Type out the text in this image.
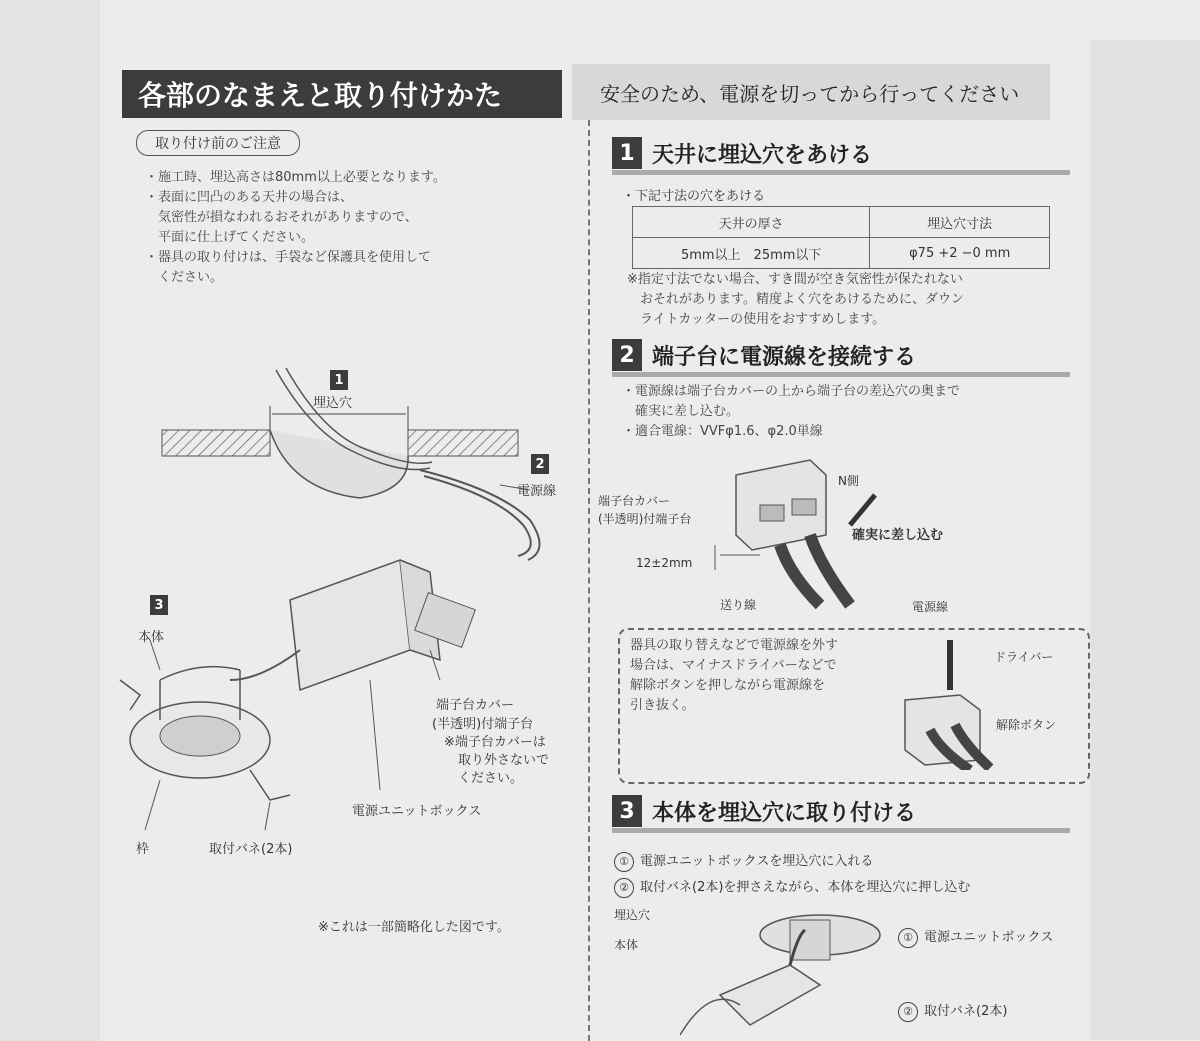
安全のため、電源を切ってから行ってください
各部のなまえと取り付けかた
取り付け前のご注意
・施工時、埋込高さは80mm以上必要となります。
・表面に凹凸のある天井の場合は、
　気密性が損なわれるおそれがありますので、
　平面に仕上げてください。
・器具の取り付けは、手袋など保護具を使用して
　ください。
1
埋込穴
2
電源線
3
本体
端子台カバー
(半透明)付端子台
※端子台カバーは
取り外さないで
ください。
電源ユニットボックス
枠	取付バネ(2本)
※これは一部簡略化した図です。
1 天井に埋込穴をあける
・下記寸法の穴をあける
天井の厚さ	埋込穴寸法
5mm以上　25mm以下	φ75 +2 −0 mm
※指定寸法でない場合、すき間が空き気密性が保たれない
　おそれがあります。精度よく穴をあけるために、ダウン
　ライトカッターの使用をおすすめします。
2 端子台に電源線を接続する
・電源線は端子台カバーの上から端子台の差込穴の奥まで
　確実に差し込む。
・適合電線：VVFφ1.6、φ2.0単線
N側
端子台カバー
(半透明)付端子台
確実に差し込む
12±2mm
送り線	電源線
器具の取り替えなどで電源線を外す
場合は、マイナスドライバーなどで
解除ボタンを押しながら電源線を
引き抜く。
ドライバー
解除ボタン
3 本体を埋込穴に取り付ける
① 電源ユニットボックスを埋込穴に入れる
② 取付バネ(2本)を押さえながら、本体を埋込穴に押し込む
埋込穴
本体
① 電源ユニットボックス
② 取付バネ(2本)
